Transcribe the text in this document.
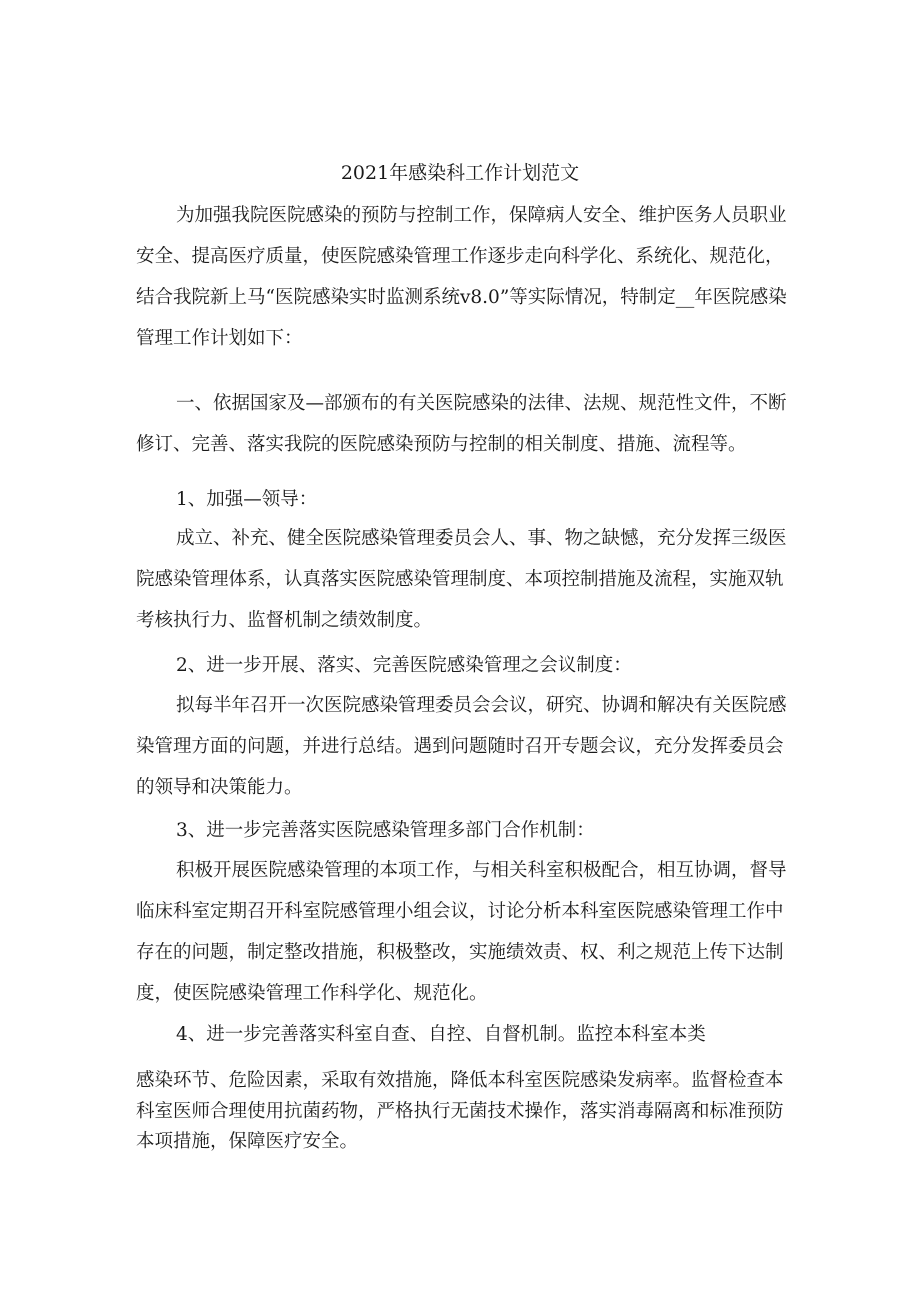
2021年感染科工作计划范文

为加强我院医院感染的预防与控制工作，保障病人安全、维护医务人员职业安全、提高医疗质量，使医院感染管理工作逐步走向科学化、系统化、规范化，结合我院新上马“医院感染实时监测系统v8.0”等实际情况，特制定__年医院感染管理工作计划如下：

一、依据国家及—部颁布的有关医院感染的法律、法规、规范性文件，不断修订、完善、落实我院的医院感染预防与控制的相关制度、措施、流程等。

1、加强—领导：

成立、补充、健全医院感染管理委员会人、事、物之缺憾，充分发挥三级医院感染管理体系，认真落实医院感染管理制度、本项控制措施及流程，实施双轨考核执行力、监督机制之绩效制度。

2、进一步开展、落实、完善医院感染管理之会议制度：

拟每半年召开一次医院感染管理委员会会议，研究、协调和解决有关医院感染管理方面的问题，并进行总结。遇到问题随时召开专题会议，充分发挥委员会的领导和决策能力。

3、进一步完善落实医院感染管理多部门合作机制：

积极开展医院感染管理的本项工作，与相关科室积极配合，相互协调，督导临床科室定期召开科室院感管理小组会议，讨论分析本科室医院感染管理工作中存在的问题，制定整改措施，积极整改，实施绩效责、权、利之规范上传下达制度，使医院感染管理工作科学化、规范化。

4、进一步完善落实科室自查、自控、自督机制。监控本科室本类

感染环节、危险因素，采取有效措施，降低本科室医院感染发病率。监督检查本科室医师合理使用抗菌药物，严格执行无菌技术操作，落实消毒隔离和标准预防本项措施，保障医疗安全。
